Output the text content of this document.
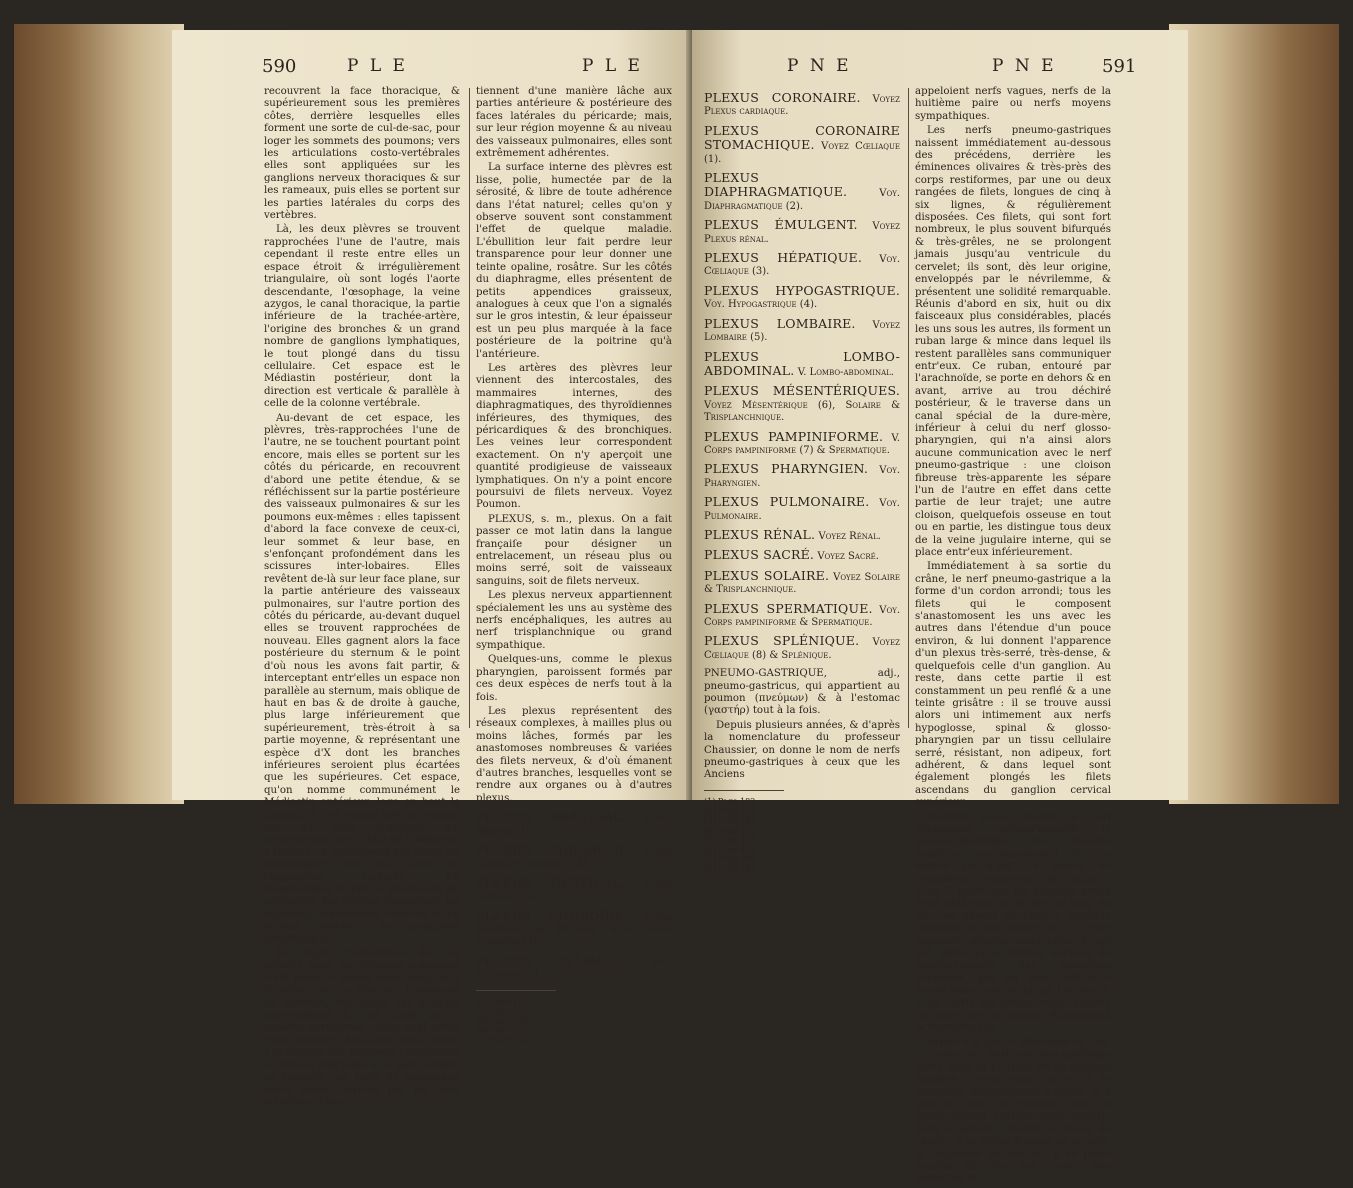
590	P L E	P L E

recouvrent la face thoracique, & supérieurement sous les premières côtes, derrière lesquelles elles forment une sorte de cul-de-sac, pour loger les sommets des poumons; vers les articulations costo-vertébrales elles sont appliquées sur les ganglions nerveux thoraciques & sur les rameaux, puis elles se portent sur les parties latérales du corps des vertèbres.

Là, les deux plèvres se trouvent rapprochées l'une de l'autre, mais cependant il reste entre elles un espace étroit & irrégulièrement triangulaire, où sont logés l'aorte descendante, l'œsophage, la veine azygos, le canal thoracique, la partie inférieure de la trachée-artère, l'origine des bronches & un grand nombre de ganglions lymphatiques, le tout plongé dans du tissu cellulaire. Cet espace est le Médiastin postérieur, dont la direction est verticale & parallèle à celle de la colonne vertébrale.

Au-devant de cet espace, les plèvres, très-rapprochées l'une de l'autre, ne se touchent pourtant point encore, mais elles se portent sur les côtés du péricarde, en recouvrent d'abord une petite étendue, & se réfléchissent sur la partie postérieure des vaisseaux pulmonaires & sur les poumons eux-mêmes : elles tapissent d'abord la face convexe de ceux-ci, leur sommet & leur base, en s'enfonçant profondément dans les scissures inter-lobaires. Elles revêtent de-là sur leur face plane, sur la partie antérieure des vaisseaux pulmonaires, sur l'autre portion des côtés du péricarde, au-devant duquel elles se trouvent rapprochées de nouveau. Elles gagnent alors la face postérieure du sternum & le point d'où nous les avons fait partir, & interceptant entr'elles un espace non parallèle au sternum, mais oblique de haut en bas & de droite à gauche, plus large inférieurement que supérieurement, très-étroit à sa partie moyenne, & représentant une espèce d'X dont les branches inférieures seroient plus écartées que les supérieures. Cet espace, qu'on nomme communément le Médiastin antérieur, loge en haut le thymus, & est rempli inférieurement par du tissu graisseux qui communique avec celui de l'abdomen à travers un écartement des fibres du diaphragme, sur les côtés de l'appendice xiphoïde. En abandonnant la partie antérieure du médiastin, les plèvres recouvrent les vaisseaux mammaires internes & un certain nombre de ganglions lymphatiques.

Le degré d'adhérence de ces plèvres avec les organes subjacens n'est point le même dans toute leur étendue; on les détache facilement du sternum, des côtes, des muscles inter-costaux & des côtés de la colonne vertébrale : elles sont unies d'une manière beaucoup plus intime à la surface des poumons : cependant on trouve entr'elles & le parenchyme de l'organe une sorte de membrane assez dense, formée par du tissu cellulaire. Elles

tiennent d'une manière lâche aux parties antérieure & postérieure des faces latérales du péricarde; mais, sur leur région moyenne & au niveau des vaisseaux pulmonaires, elles sont extrêmement adhérentes.

La surface interne des plèvres est lisse, polie, humectée par de la sérosité, & libre de toute adhérence dans l'état naturel; celles qu'on y observe souvent sont constamment l'effet de quelque maladie. L'ébullition leur fait perdre leur transparence pour leur donner une teinte opaline, rosâtre. Sur les côtés du diaphragme, elles présentent de petits appendices graisseux, analogues à ceux que l'on a signalés sur le gros intestin, & leur épaisseur est un peu plus marquée à la face postérieure de la poitrine qu'à l'antérieure.

Les artères des plèvres leur viennent des intercostales, des mammaires internes, des diaphragmatiques, des thyroïdiennes inférieures, des thymiques, des péricardiques & des bronchiques. Les veines leur correspondent exactement. On n'y aperçoit une quantité prodigieuse de vaisseaux lymphatiques. On n'y a point encore poursuivi de filets nerveux. Voyez Poumon.

PLEXUS, s. m., plexus. On a fait passer ce mot latin dans la langue françaiſe pour désigner un entrelacement, un réseau plus ou moins serré, soit de vaisseaux sanguins, soit de filets nerveux.

Les plexus nerveux appartiennent spécialement les uns au système des nerfs encéphaliques, les autres au nerf trisplanchnique ou grand sympathique.

Quelques-uns, comme le plexus pharyngien, paroissent formés par ces deux espèces de nerfs tout à la fois.

Les plexus représentent des réseaux complexes, à mailles plus ou moins lâches, formés par les anastomoses nombreuses & variées des filets nerveux, & d'où émanent d'autres branches, lesquelles vont se rendre aux organes ou à d'autres plexus.

PLEXUS BRACHIAL. Voyez Brachial (1).
PLEXUS CARDIAQUE. Voyez Ganglion cardiaque (2).
PLEXUS CERVICAL. Voyez Cervical (3).
PLEXUS CHOROÏDE. Voyez Encéphale & Pie-mère. Voyez aussi Choroïde (4).
PLEXUS CŒLIAQUE. Voy. Cœliaque (5).
(1) Page 115.
(2) Page 131.
(3) Page 180.
(4) Page 167.
(5) Page 182.
P N E	P N E	591
PLEXUS CORONAIRE. Voyez Plexus cardiaque.
PLEXUS CORONAIRE STOMACHIQUE. Voyez Cœliaque (1).
PLEXUS DIAPHRAGMATIQUE.	Voy. Diaphragmatique (2).
PLEXUS ÉMULGENT. Voyez Plexus rénal.
PLEXUS HÉPATIQUE. Voy. Cœliaque (3).
PLEXUS HYPOGASTRIQUE. Voy. Hypogastrique (4).
PLEXUS LOMBAIRE. Voyez Lombaire (5).
PLEXUS LOMBO-ABDOMINAL. V. Lombo-abdominal.
PLEXUS MÉSENTÉRIQUES. Voyez Mésentérique (6), Solaire & Trisplanchnique.
PLEXUS PAMPINIFORME. V. Corps pampiniforme (7) & Spermatique.
PLEXUS PHARYNGIEN. Voy. Pharyngien.
PLEXUS PULMONAIRE. Voy. Pulmonaire.
PLEXUS RÉNAL. Voyez Rénal.
PLEXUS SACRÉ. Voyez Sacré.
PLEXUS SOLAIRE. Voyez Solaire & Trisplanchnique.
PLEXUS SPERMATIQUE. Voy. Corps pampiniforme & Spermatique.
PLEXUS SPLÉNIQUE. Voyez Cœliaque (8) & Splénique.

PNEUMO-GASTRIQUE, adj., pneumo-gastricus, qui appartient au poumon (πνεύμων) & à l'estomac (γαστήρ) tout à la fois.

Depuis plusieurs années, & d'après la nomenclature du professeur Chaussier, on donne le nom de nerfs pneumo-gastriques à ceux que les Anciens

(1) Page 182.
(2) Page 262.
(3) Page 182.
(4) Page 373.
(5) Page 417.
(6) Page 449.
(7) Page 208.
(8) Page 182.

appeloient nerfs vagues, nerfs de la huitième paire ou nerfs moyens sympathiques.

Les nerfs pneumo-gastriques naissent immédiatement au-dessous des précédens, derrière les éminences olivaires & très-près des corps restiformes, par une ou deux rangées de filets, longues de cinq à six lignes, & régulièrement disposées. Ces filets, qui sont fort nombreux, le plus souvent bifurqués & très-grêles, ne se prolongent jamais jusqu'au ventricule du cervelet; ils sont, dès leur origine, enveloppés par le névrilemme, & présentent une solidité remarquable. Réunis d'abord en six, huit ou dix faisceaux plus considérables, placés les uns sous les autres, ils forment un ruban large & mince dans lequel ils restent parallèles sans communiquer entr'eux. Ce ruban, entouré par l'arachnoïde, se porte en dehors & en avant, arrive au trou déchiré postérieur, & le traverse dans un canal spécial de la dure-mère, inférieur à celui du nerf glosso-pharyngien, qui n'a ainsi alors aucune communication avec le nerf pneumo-gastrique : une cloison fibreuse très-apparente les sépare l'un de l'autre en effet dans cette partie de leur trajet; une autre cloison, quelquefois osseuse en tout ou en partie, les distingue tous deux de la veine jugulaire interne, qui se place entr'eux inférieurement.

Immédiatement à sa sortie du crâne, le nerf pneumo-gastrique a la forme d'un cordon arrondi; tous les filets qui le composent s'anastomosent les uns avec les autres dans l'étendue d'un pouce environ, & lui donnent l'apparence d'un plexus très-serré, très-dense, & quelquefois celle d'un ganglion. Au reste, dans cette partie il est constamment un peu renflé & a une teinte grisâtre : il se trouve aussi alors uni intimement aux nerfs hypoglosse, spinal & glosso-pharyngien par un tissu cellulaire serré, résistant, non adipeux, fort adhérent, & dans lequel sont également plongés les filets ascendans du ganglion cervical supérieur.

D'abord placé devant le nerf hypoglosse, presqu'aussitôt le pneumo-gastrique lui devient postérieur en descendant, & s'en sépare tout-à-fait au niveau de l'apophyse transverse de l'atlas : alors il passe sur les muscles grand droit antérieur de la tête & long du cou, en dehors de l'artère carotide primitive & en arrière de la veine jugulaire interne auxquelles il est uni, ainsi qu'au cordon nerveux de communication des ganglions cervicaux, par un tissu cellulaire moins dense que celui qui l'entouroit à sa sortie du crâne, mais, comme lui, dépourvu de graisse, filamenteux & membraneux.

Arrivé à la partie inférieure du cou, le tronc du nerf pneumo-gastrique entre dans la poitrine en se glissant derrière la veine sous-clavière, & se comporte différemment à droite & à gauche; dans le premier sens, il passe devant l'artère sous-clavière; dans le second, devant la crosse de l'aorte; il se dirige d'abord en arrière, & augmente de volume; il se place ensuite derrière les troncs des bronches, il
